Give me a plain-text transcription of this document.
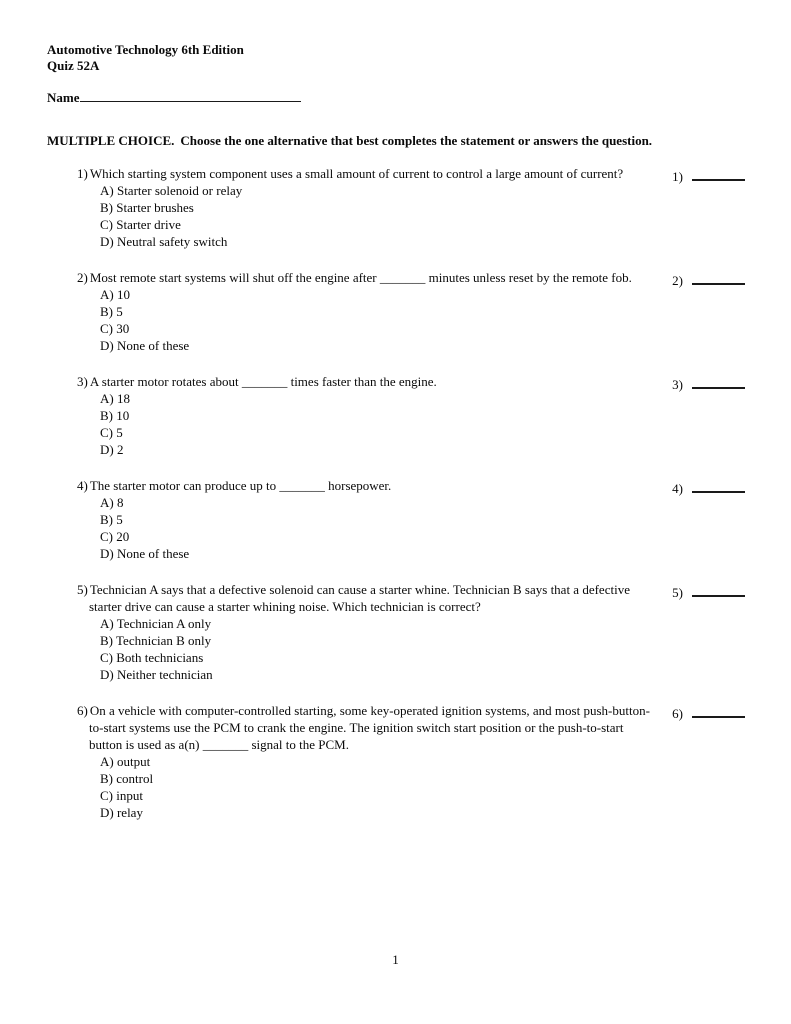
Automotive Technology 6th Edition
Quiz 52A
Name
MULTIPLE CHOICE. Choose the one alternative that best completes the statement or answers the question.
1) Which starting system component uses a small amount of current to control a large amount of current?
A) Starter solenoid or relay
B) Starter brushes
C) Starter drive
D) Neutral safety switch
1)
2) Most remote start systems will shut off the engine after _______ minutes unless reset by the remote fob.
A) 10
B) 5
C) 30
D) None of these
2)
3) A starter motor rotates about _______ times faster than the engine.
A) 18
B) 10
C) 5
D) 2
3)
4) The starter motor can produce up to _______ horsepower.
A) 8
B) 5
C) 20
D) None of these
4)
5) Technician A says that a defective solenoid can cause a starter whine. Technician B says that a defective starter drive can cause a starter whining noise. Which technician is correct?
A) Technician A only
B) Technician B only
C) Both technicians
D) Neither technician
5)
6) On a vehicle with computer-controlled starting, some key-operated ignition systems, and most push-button-to-start systems use the PCM to crank the engine. The ignition switch start position or the push-to-start button is used as a(n) _______ signal to the PCM.
A) output
B) control
C) input
D) relay
6)
1
